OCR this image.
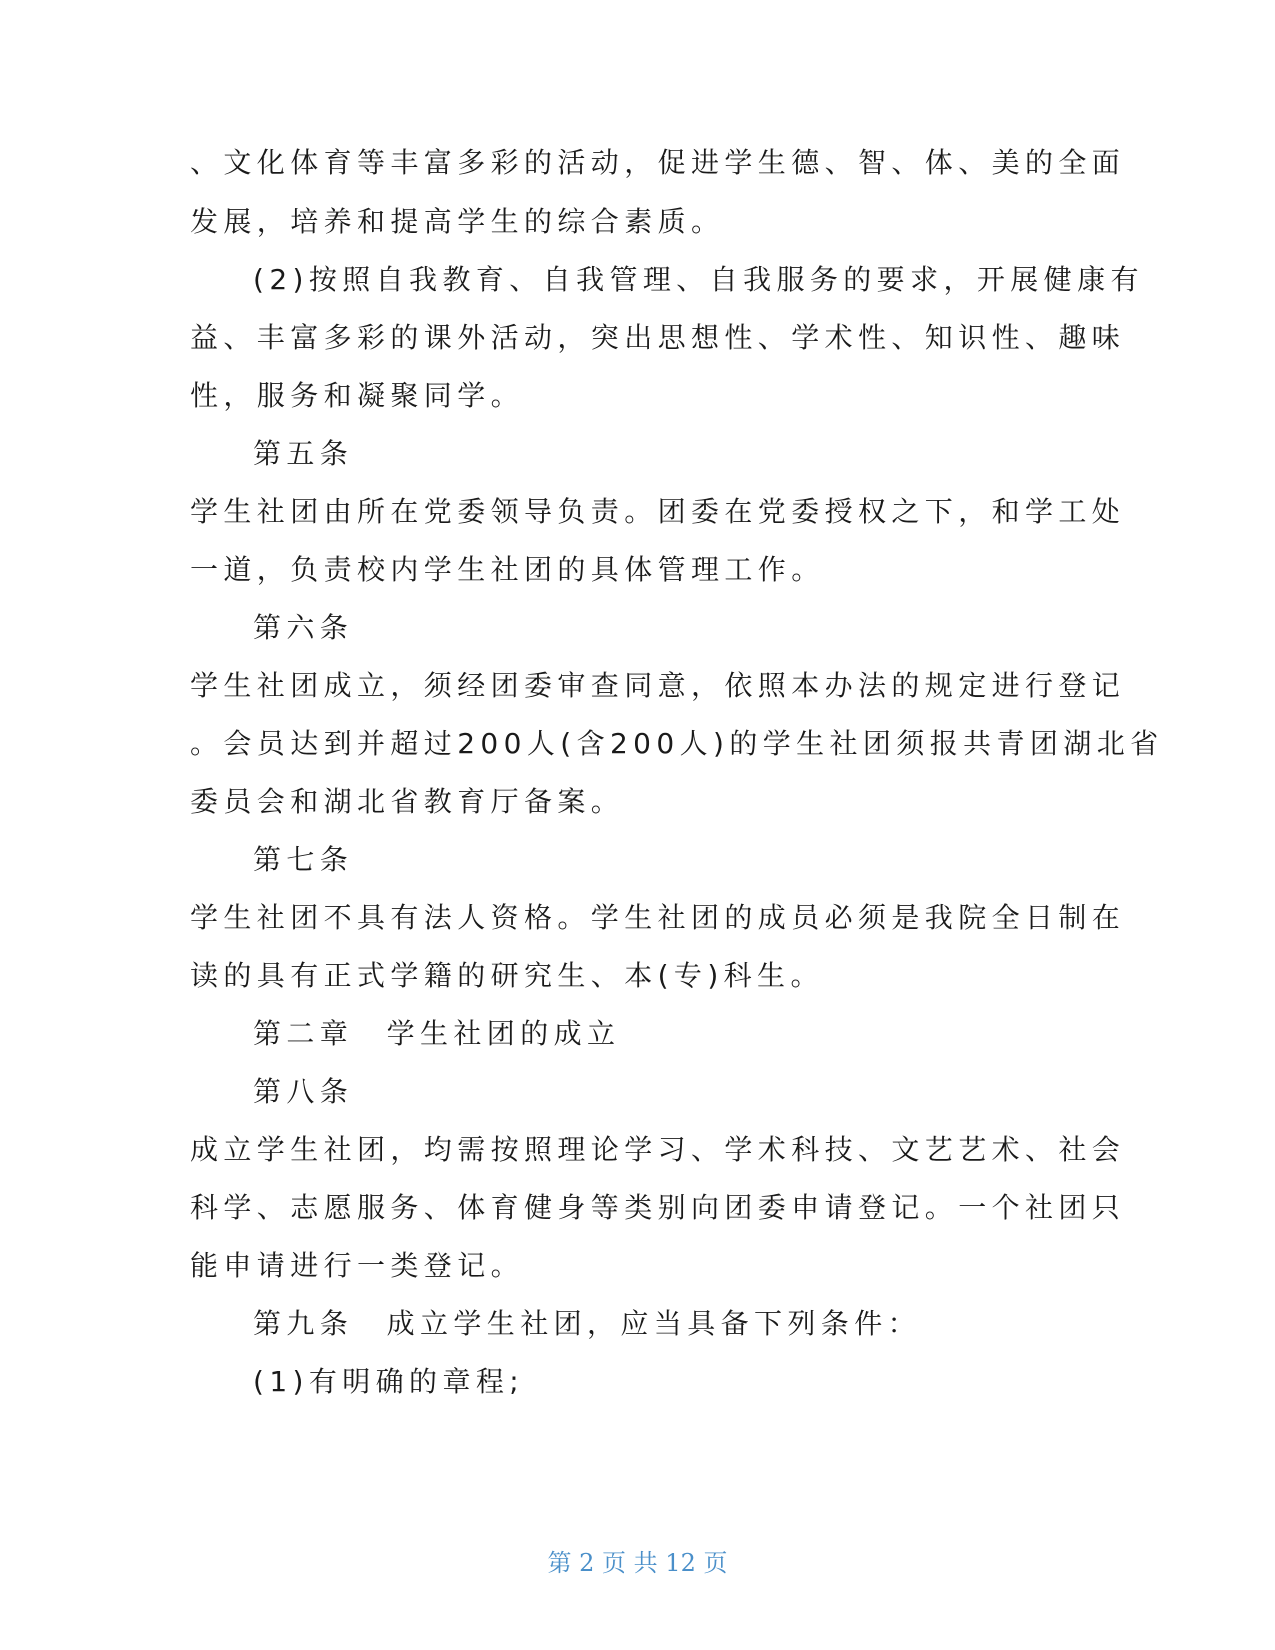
、文化体育等丰富多彩的活动，促进学生德、智、体、美的全面
发展，培养和提高学生的综合素质。
(2)按照自我教育、自我管理、自我服务的要求，开展健康有
益、丰富多彩的课外活动，突出思想性、学术性、知识性、趣味
性，服务和凝聚同学。
第五条
学生社团由所在党委领导负责。团委在党委授权之下，和学工处
一道，负责校内学生社团的具体管理工作。
第六条
学生社团成立，须经团委审查同意，依照本办法的规定进行登记
。会员达到并超过200人(含200人)的学生社团须报共青团湖北省
委员会和湖北省教育厅备案。
第七条
学生社团不具有法人资格。学生社团的成员必须是我院全日制在
读的具有正式学籍的研究生、本(专)科生。
第二章　学生社团的成立
第八条
成立学生社团，均需按照理论学习、学术科技、文艺艺术、社会
科学、志愿服务、体育健身等类别向团委申请登记。一个社团只
能申请进行一类登记。
第九条　成立学生社团，应当具备下列条件：
(1)有明确的章程;
第 2 页 共 12 页
